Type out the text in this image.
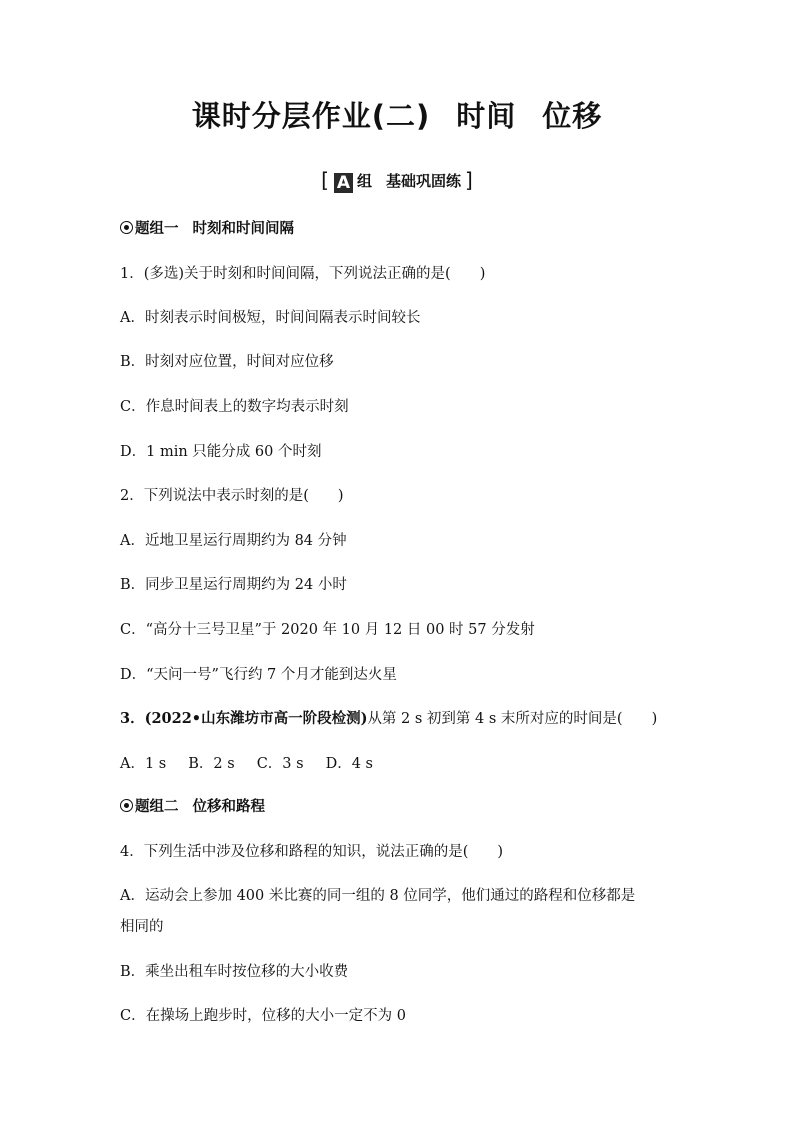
课时分层作业(二) 时间 位移
[ A 组 基础巩固练 ]
题组一 时刻和时间间隔
1．(多选)关于时刻和时间间隔，下列说法正确的是(　　)
A．时刻表示时间极短，时间间隔表示时间较长
B．时刻对应位置，时间对应位移
C．作息时间表上的数字均表示时刻
D．1 min 只能分成 60 个时刻
2．下列说法中表示时刻的是(　　)
A．近地卫星运行周期约为 84 分钟
B．同步卫星运行周期约为 24 小时
C．“高分十三号卫星”于 2020 年 10 月 12 日 00 时 57 分发射
D．“天问一号”飞行约 7 个月才能到达火星
3．(2022•山东潍坊市高一阶段检测)从第 2 s 初到第 4 s 末所对应的时间是(　　)
A．1 s B．2 s C．3 s D．4 s
题组二 位移和路程
4．下列生活中涉及位移和路程的知识，说法正确的是(　　)
A．运动会上参加 400 米比赛的同一组的 8 位同学，他们通过的路程和位移都是
相同的
B．乘坐出租车时按位移的大小收费
C．在操场上跑步时，位移的大小一定不为 0
